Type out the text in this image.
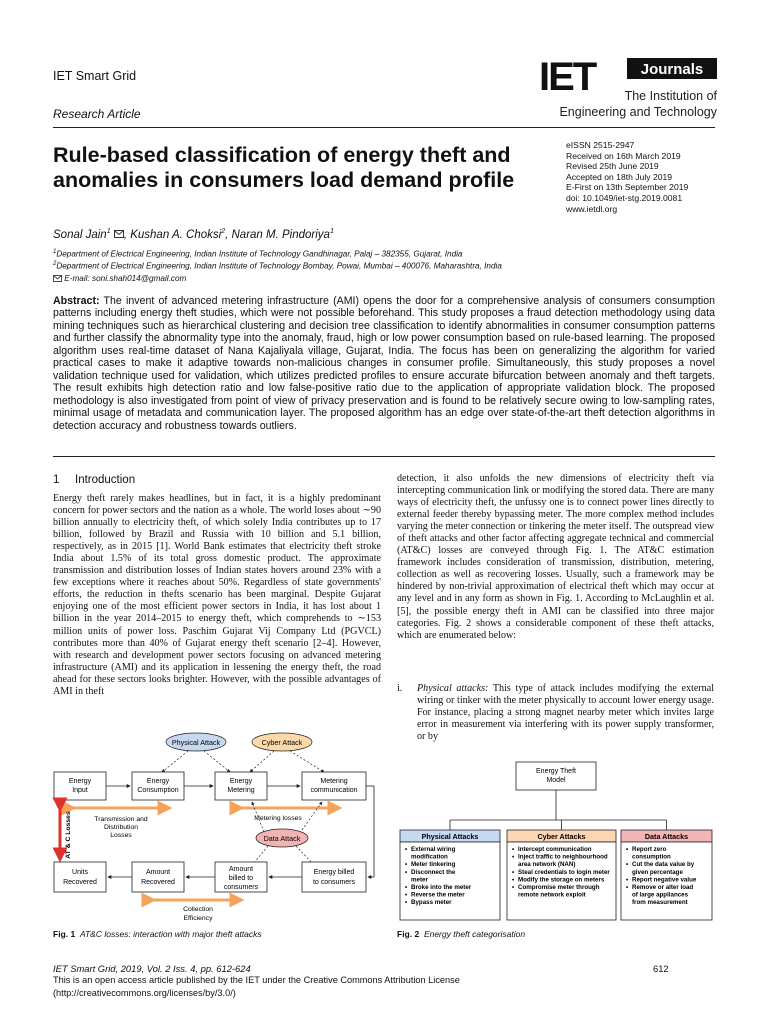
IET Smart Grid
Research Article
IET	Journals
The Institution of
Engineering and Technology
Rule-based classification of energy theft and
anomalies in consumers load demand profile
eISSN 2515-2947
Received on 16th March 2019
Revised 25th June 2019
Accepted on 18th July 2019
E-First on 13th September 2019
doi: 10.1049/iet-stg.2019.0081
www.ietdl.org
Sonal Jain$^1$ , Kushan A. Choksi$^2$, Naran M. Pindoriya$^1$
$^1$Department of Electrical Engineering, Indian Institute of Technology Gandhinagar, Palaj – 382355, Gujarat, India
$^2$Department of Electrical Engineering, Indian Institute of Technology Bombay, Powai, Mumbai – 400076, Maharashtra, India
E-mail: soni.shah014@gmail.com
Abstract: The invent of advanced metering infrastructure (AMI) opens the door for a comprehensive analysis of consumers consumption patterns including energy theft studies, which were not possible beforehand. This study proposes a fraud detection methodology using data mining techniques such as hierarchical clustering and decision tree classification to identify abnormalities in consumer consumption patterns and further classify the abnormality type into the anomaly, fraud, high or low power consumption based on rule-based learning. The proposed algorithm uses real-time dataset of Nana Kajaliyala village, Gujarat, India. The focus has been on generalizing the algorithm for varied practical cases to make it adaptive towards non-malicious changes in consumer profile. Simultaneously, this study proposes a novel validation technique used for validation, which utilizes predicted profiles to ensure accurate bifurcation between anomaly and theft targets. The result exhibits high detection ratio and low false-positive ratio due to the application of appropriate validation block. The proposed methodology is also investigated from point of view of privacy preservation and is found to be relatively secure owing to low-sampling rates, minimal usage of metadata and communication layer. The proposed algorithm has an edge over state-of-the-art theft detection algorithms in detection accuracy and robustness towards outliers.
1 Introduction
Energy theft rarely makes headlines, but in fact, it is a highly predominant concern for power sectors and the nation as a whole. The world loses about ∼90 billion annually to electricity theft, of which solely India contributes up to 17 billion, followed by Brazil and Russia with 10 billion and 5.1 billion, respectively, as in 2015 [1]. World Bank estimates that electricity theft stroke India about 1.5% of its total gross domestic product. The approximate transmission and distribution losses of Indian states hovers around 23% with a few exceptions where it reaches about 50%. Regardless of state governments' efforts, the reduction in thefts scenario has been marginal. Despite Gujarat enjoying one of the most efficient power sectors in India, it has lost about 1 billion in the year 2014–2015 to energy theft, which comprehends to ∼153 million units of power loss. Paschim Gujarat Vij Company Ltd (PGVCL) contributes more than 40% of Gujarat energy theft scenario [2–4]. However, with research and development power sectors focusing on advanced metering infrastructure (AMI) and its application in lessening the energy theft, the road ahead for these sectors looks brighter. However, with the possible advantages of AMI in theft
detection, it also unfolds the new dimensions of electricity theft via intercepting communication link or modifying the stored data. There are many ways of electricity theft, the unfussy one is to connect power lines directly to external feeder thereby bypassing meter. The more complex method includes varying the meter connection or tinkering the meter itself. The outspread view of theft attacks and other factor affecting aggregate technical and commercial (AT&C) losses are conveyed through Fig. 1. The AT&C estimation framework includes consideration of transmission, distribution, metering, collection as well as recovering losses. Usually, such a framework may be hindered by non-trivial approximation of electrical theft which may occur at any level and in any form as shown in Fig. 1. According to McLaughlin et al. [5], the possible energy theft in AMI can be classified into three major categories. Fig. 2 shows a considerable component of these theft attacks, which are enumerated below:
i. Physical attacks: This type of attack includes modifying the external wiring or tinker with the meter physically to account lower energy usage. For instance, placing a strong magnet nearby meter which invites large error in measurement via interfering with its power supply transformer, or by
Physical Attack	Cyber Attack
Energy
Input
Energy
Consumption
Energy
Metering
Metering
communication
Transmission and
Distribution
Losses
Metering losses
Data Attack
AT & C Losses
Units
Recovered
Amount
Recovered
Amount
billed to
consumers
Energy billed
to consumers
Collection
Efficiency
Energy Theft
Model
Physical Attacks
• External wiring
modification
• Meter tinkering
• Disconnect the
meter
• Broke into the meter
• Reverse the meter
• Bypass meter
Cyber Attacks
• Intercept communication
• Inject traffic to neighbourhood
area network (NAN)
• Steal credentials to login meter
• Modify the storage on meters
• Compromise meter through
remote network exploit
Data Attacks
• Report zero
consumption
• Cut the data value by
given percentage
• Report negative value
• Remove or alter load
of large appliances
from measurement
Fig. 1 AT&C losses: interaction with major theft attacks	Fig. 2 Energy theft categorisation
IET Smart Grid, 2019, Vol. 2 Iss. 4, pp. 612-624	612
This is an open access article published by the IET under the Creative Commons Attribution License
(http://creativecommons.org/licenses/by/3.0/)
